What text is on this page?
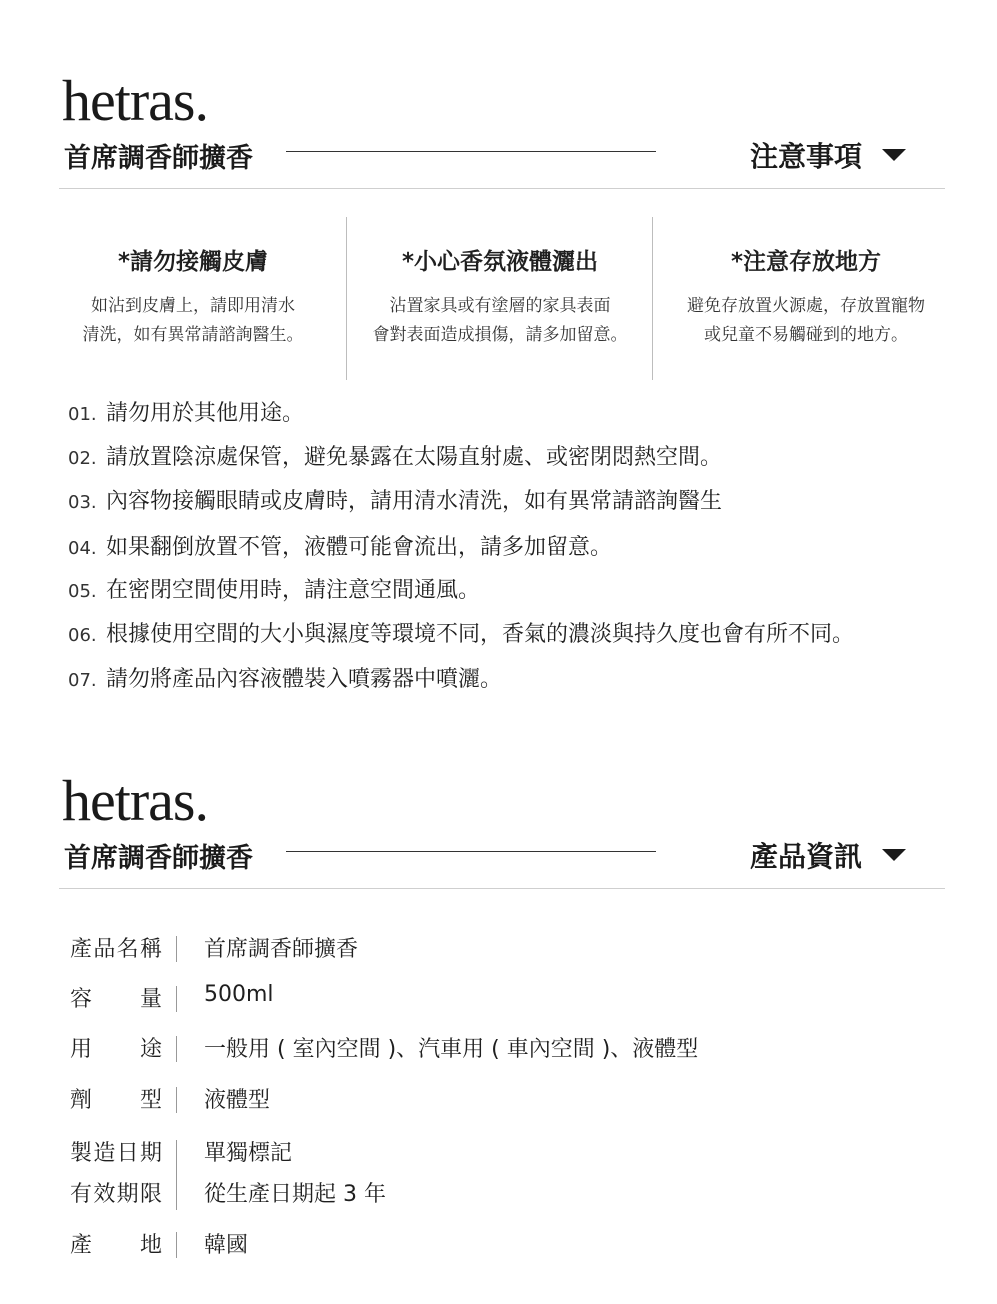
hetras.
首席調香師擴香	注意事項
*請勿接觸皮膚
如沾到皮膚上，請即用清水
清洗，如有異常請諮詢醫生。
*小心香氛液體灑出
沾置家具或有塗層的家具表面
會對表面造成損傷，請多加留意。
*注意存放地方
避免存放置火源處，存放置寵物
或兒童不易觸碰到的地方。
01. 請勿用於其他用途。
02. 請放置陰涼處保管，避免暴露在太陽直射處、或密閉悶熱空間。
03. 內容物接觸眼睛或皮膚時，請用清水清洗，如有異常請諮詢醫生
04. 如果翻倒放置不管，液體可能會流出，請多加留意。
05. 在密閉空間使用時，請注意空間通風。
06. 根據使用空間的大小與濕度等環境不同，香氣的濃淡與持久度也會有所不同。
07. 請勿將產品內容液體裝入噴霧器中噴灑。
hetras.
首席調香師擴香	產品資訊
產品名稱 首席調香師擴香
容量 500ml
用途 一般用 ( 室內空間 )、汽車用 ( 車內空間 )、液體型
劑型 液體型
製造日期 單獨標記
有效期限 從生產日期起 3 年
產地 韓國
